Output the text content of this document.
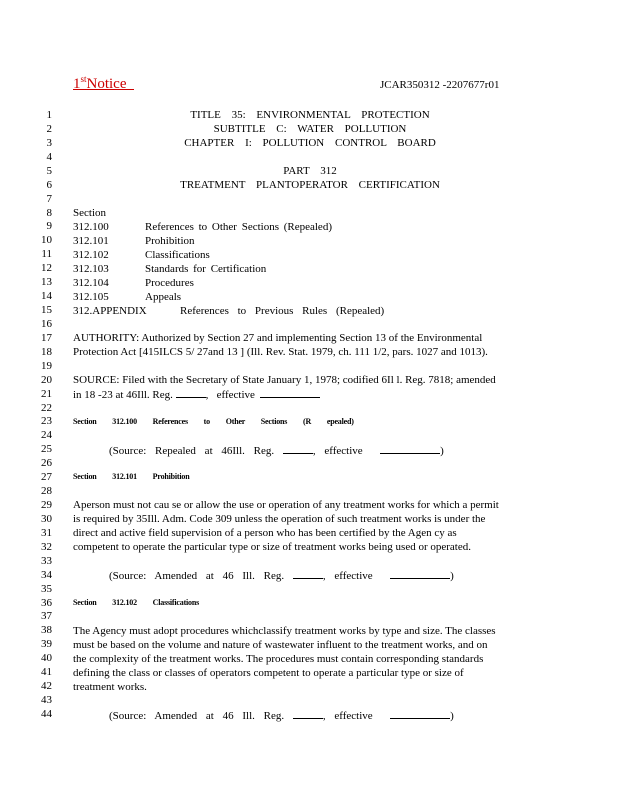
1stNotice	JCAR350312 -2207677r01
1
2
3
4
5
6
7
8
9
10
11
12
13
14
15
16
17
18
19
20
21
22
23
24
25
26
27
28
29
30
31
32
33
34
35
36
37
38
39
40
41
42
43
44
TITLE 35: ENVIRONMENTAL PROTECTION
SUBTITLE C: WATER POLLUTION
CHAPTER I: POLLUTION CONTROL BOARD
PART 312
TREATMENT PLANTOPERATOR CERTIFICATION
Section
312.100	References to Other Sections (Repealed)
312.101	Prohibition
312.102	Classifications
312.103	Standards for Certification
312.104	Procedures
312.105	Appeals
312.APPENDIX	References to Previous Rules (Repealed)
AUTHORITY: Authorized by Section 27 and implementing Section 13 of the Environmental
Protection Act [415ILCS 5/ 27and 13 ] (Ill. Rev. Stat. 1979, ch. 111 1/2, pars. 1027 and 1013).
SOURCE: Filed with the Secretary of State January 1, 1978; codified 6Il l. Reg. 7818; amended
in 18 -23 at 46Ill. Reg.	,   effective
Section 312.100 References to Other Sections (R epealed)
(Source: Repealed at 46Ill. Reg.	, effective	)
Section 312.101 Prohibition
Aperson must not cau se or allow the use or operation of any treatment works for which a permit
is required by 35Ill. Adm. Code 309 unless the operation of such treatment works is under the
direct and active field supervision of a person who has been certified by the Agen cy as
competent to operate the particular type or size of treatment works being used or operated.
(Source: Amended at 46 Ill. Reg.	, effective	)
Section 312.102 Classifications
The Agency must adopt procedures whichclassify treatment works by type and size. The classes
must be based on the volume and nature of wastewater influent to the treatment works, and on
the complexity of the treatment works. The procedures must contain corresponding standards
defining the class or classes of operators competent to operate a particular type or size of
treatment works.
(Source: Amended at 46 Ill. Reg.	, effective	)
